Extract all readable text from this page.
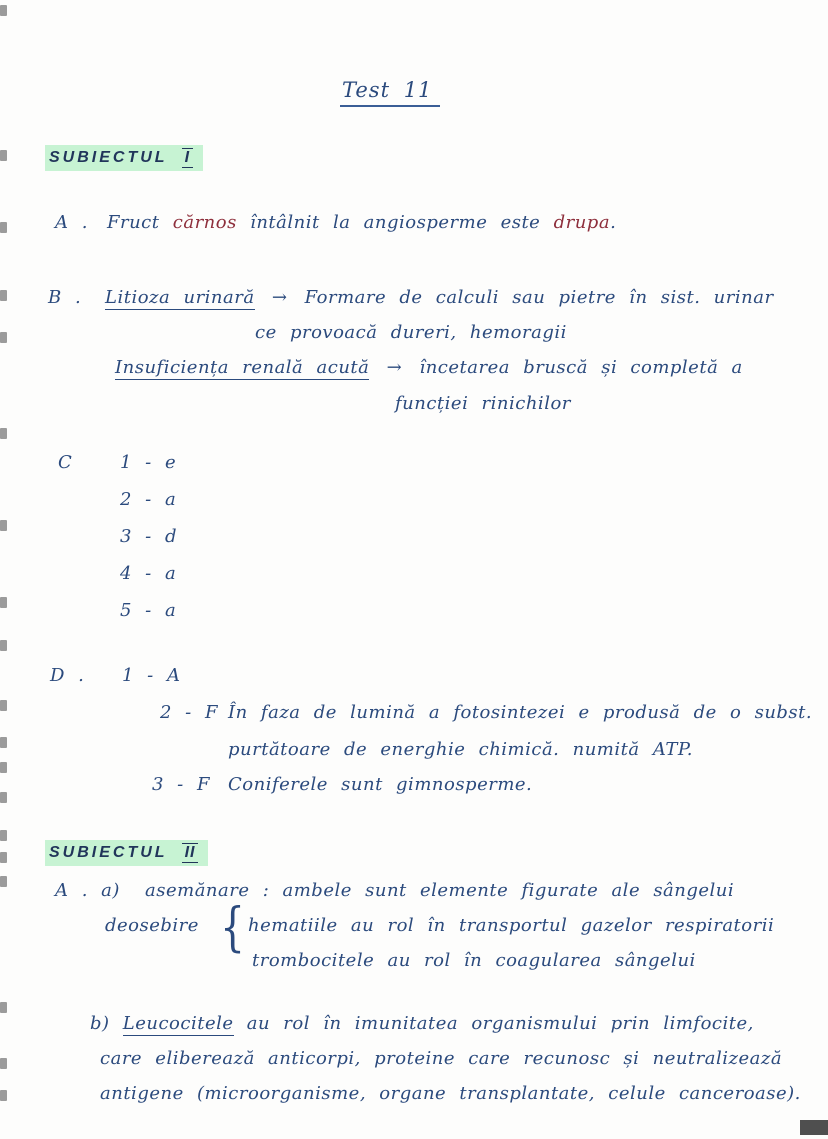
Test 11
SUBIECTUL I
A . Fruct cărnos întâlnit la angiosperme este drupa.
B . Litioza urinară → Formare de calculi sau pietre în sist. urinar
ce provoacă dureri, hemoragii
Insuficiența renală acută → încetarea bruscă și completă a
funcției rinichilor
C	1 - e
2 - a
3 - d
4 - a
5 - a
D . 1 - A
2 - F În faza de lumină a fotosintezei e produsă de o subst.
purtătoare de energhie chimică. numită ATP.
3 - F Coniferele sunt gimnosperme.
SUBIECTUL II
A . a) asemănare : ambele sunt elemente figurate ale sângelui
deosebire { hematiile au rol în transportul gazelor respiratorii
trombocitele au rol în coagularea sângelui
b) Leucocitele au rol în imunitatea organismului prin limfocite,
care eliberează anticorpi, proteine care recunosc și neutralizează
antigene (microorganisme, organe transplantate, celule canceroase).
